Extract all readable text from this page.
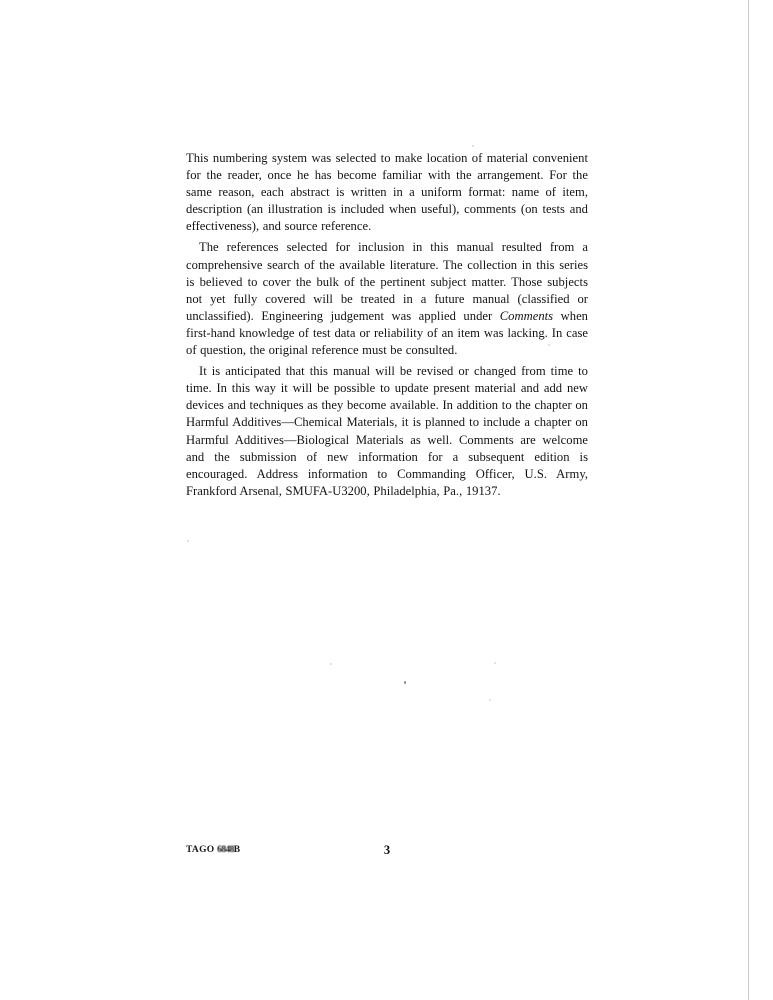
This numbering system was selected to make location of material convenient for the reader, once he has become familiar with the arrangement. For the same reason, each abstract is written in a uniform format: name of item, description (an illustration is included when useful), comments (on tests and effectiveness), and source reference.

The references selected for inclusion in this manual resulted from a comprehensive search of the available literature. The collection in this series is believed to cover the bulk of the pertinent subject matter. Those subjects not yet fully covered will be treated in a future manual (classified or unclassified). Engineering judgement was applied under Comments when first-hand knowledge of test data or reliability of an item was lacking. In case of question, the original reference must be consulted.

It is anticipated that this manual will be revised or changed from time to time. In this way it will be possible to update present material and add new devices and techniques as they become available. In addition to the chapter on Harmful Additives—Chemical Materials, it is planned to include a chapter on Harmful Additives—Biological Materials as well. Comments are welcome and the submission of new information for a subsequent edition is encouraged. Address information to Commanding Officer, U.S. Army, Frankford Arsenal, SMUFA-U3200, Philadelphia, Pa., 19137.

TAGO 6848B	3
